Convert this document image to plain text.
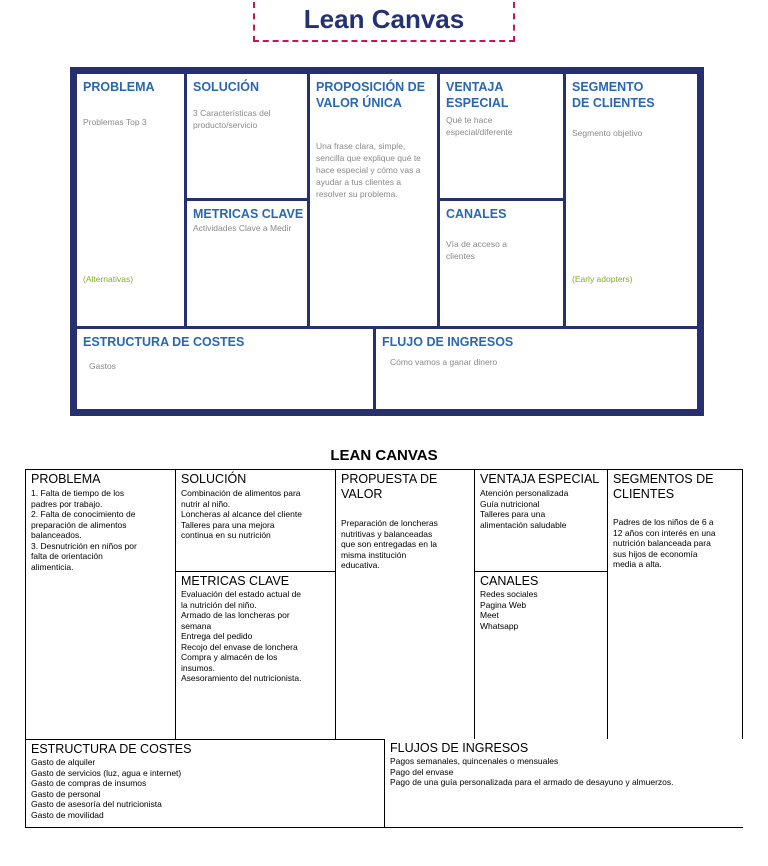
Lean Canvas
PROBLEMA
Problemas Top 3
(Alternativas)
SOLUCIÓN
3 Características del producto/servicio
METRICAS CLAVE
Actividades Clave a Medir
PROPOSICIÓN DE VALOR ÚNICA
Una frase clara, simple, sencilla que explique qué te hace especial y cómo vas a ayudar a tus clientes a resolver su problema.
VENTAJA ESPECIAL
Qué te hace especial/diferente
CANALES
Vía de acceso a clientes
SEGMENTO DE CLIENTES
Segmento objetivo
(Early adopters)
ESTRUCTURA DE COSTES
Gastos
FLUJO DE INGRESOS
Cómo vamos a ganar dinero
LEAN CANVAS
PROBLEMA
1. Falta de tiempo de los
padres por trabajo.
2. Falta de conocimiento de
preparación de alimentos
balanceados.
3. Desnutrición en niños por
falta de orientación
alimenticia.
SOLUCIÓN
Combinación de alimentos para
nutrir al niño.
Loncheras al alcance del cliente
Talleres para una mejora
continua en su nutrición
METRICAS CLAVE
Evaluación del estado actual de
la nutrición del niño.
Armado de las loncheras por
semana
Entrega del pedido
Recojo del envase de lonchera
Compra y almacén de los
insumos.
Asesoramiento del nutricionista.
PROPUESTA DE VALOR
Preparación de loncheras
nutritivas y balanceadas
que son entregadas en la
misma institución
educativa.
VENTAJA ESPECIAL
Atención personalizada
Guía nutricional
Talleres para una
alimentación saludable
CANALES
Redes sociales
Pagina Web
Meet
Whatsapp
SEGMENTOS DE CLIENTES
Padres de los niños de 6 a
12 años con interés en una
nutrición balanceada para
sus hijos de economía
media a alta.
ESTRUCTURA DE COSTES
Gasto de alquiler
Gasto de servicios (luz, agua e internet)
Gasto de compras de insumos
Gasto de personal
Gasto de asesoría del nutricionista
Gasto de movilidad
FLUJOS DE INGRESOS
Pagos semanales, quincenales o mensuales
Pago del envase
Pago de una guía personalizada para el armado de desayuno y almuerzos.
